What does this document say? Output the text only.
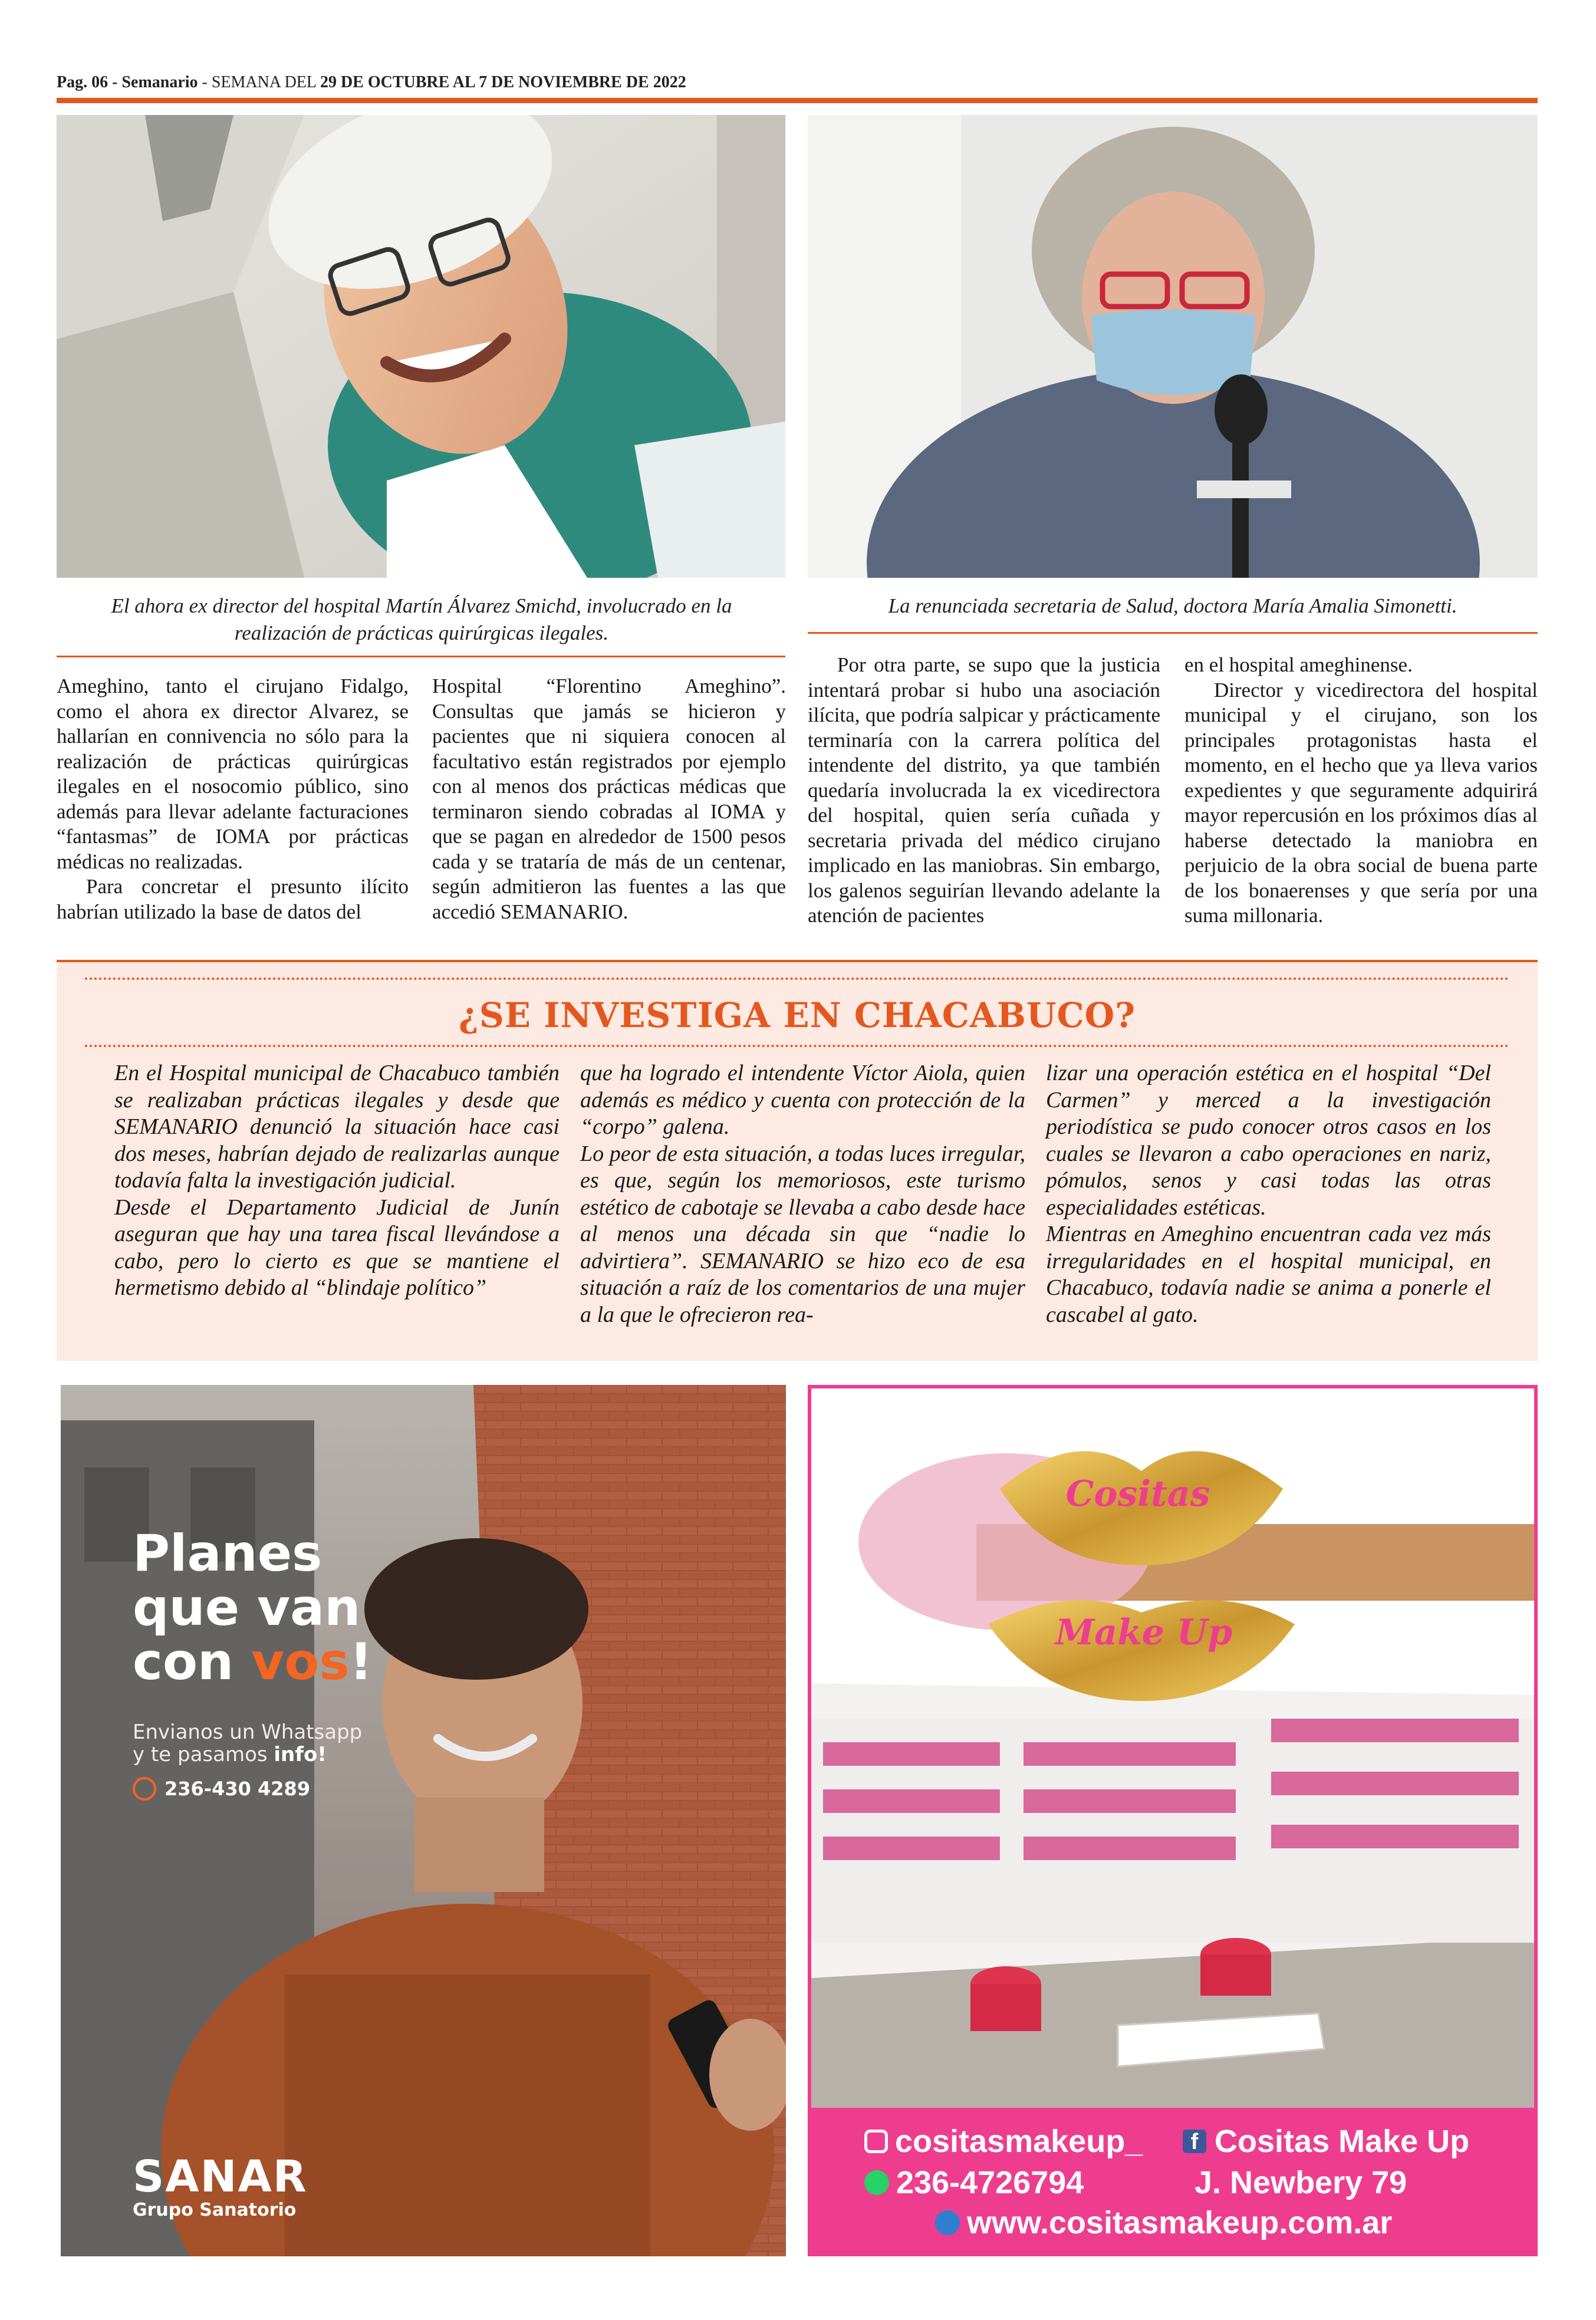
Pag. 06 - Semanario - SEMANA DEL 29 DE OCTUBRE AL 7 DE NOVIEMBRE DE 2022
El ahora ex director del hospital Martín Álvarez Smichd, involucrado en la realización de prácticas quirúrgicas ilegales.
La renunciada secretaria de Salud, doctora María Amalia Simonetti.

Ameghino, tanto el cirujano Fidalgo, como el ahora ex director Alvarez, se hallarían en connivencia no sólo para la realización de prácticas quirúrgicas ilegales en el nosocomio público, sino además para llevar adelante facturaciones “fantasmas” de IOMA por prácticas médicas no realizadas.

Para concretar el presunto ilícito habrían utilizado la base de datos del

Hospital “Florentino Ameghino”. Consultas que jamás se hicieron y pacientes que ni siquiera conocen al facultativo están registrados por ejemplo con al menos dos prácticas médicas que terminaron siendo cobradas al IOMA y que se pagan en alrededor de 1500 pesos cada y se trataría de más de un centenar, según admitieron las fuentes a las que accedió SEMANARIO.

Por otra parte, se supo que la justicia intentará probar si hubo una asociación ilícita, que podría salpicar y prácticamente terminaría con la carrera política del intendente del distrito, ya que también quedaría involucrada la ex vicedirectora del hospital, quien sería cuñada y secretaria privada del médico cirujano implicado en las maniobras. Sin embargo, los galenos seguirían llevando adelante la atención de pacientes

en el hospital ameghinense.

Director y vicedirectora del hospital municipal y el cirujano, son los principales protagonistas hasta el momento, en el hecho que ya lleva varios expedientes y que seguramente adquirirá mayor repercusión en los próximos días al haberse detectado la maniobra en perjuicio de la obra social de buena parte de los bonaerenses y que sería por una suma millonaria.

¿SE INVESTIGA EN CHACABUCO?

En el Hospital municipal de Chacabuco también se realizaban prácticas ilegales y desde que SEMANARIO denunció la situación hace casi dos meses, habrían dejado de realizarlas aunque todavía falta la investigación judicial.

Desde el Departamento Judicial de Junín aseguran que hay una tarea fiscal llevándose a cabo, pero lo cierto es que se mantiene el hermetismo debido al “blindaje político”

que ha logrado el intendente Víctor Aiola, quien además es médico y cuenta con protección de la “corpo” galena.

Lo peor de esta situación, a todas luces irregular, es que, según los memoriosos, este turismo estético de cabotaje se llevaba a cabo desde hace al menos una década sin que “nadie lo advirtiera”. SEMANARIO se hizo eco de esa situación a raíz de los comentarios de una mujer a la que le ofrecieron rea-

lizar una operación estética en el hospital “Del Carmen” y merced a la investigación periodística se pudo conocer otros casos en los cuales se llevaron a cabo operaciones en nariz, pómulos, senos y casi todas las otras especialidades estéticas.

Mientras en Ameghino encuentran cada vez más irregularidades en el hospital municipal, en Chacabuco, todavía nadie se anima a ponerle el cascabel al gato.

Planes
que van
con vos!
Envianos un Whatsapp
y te pasamos info!
236-430 4289
SANAR
Grupo Sanatorio
Cositas
Make Up
cositasmakeup_	f Cositas Make Up
236-4726794	J. Newbery 79
www.cositasmakeup.com.ar
